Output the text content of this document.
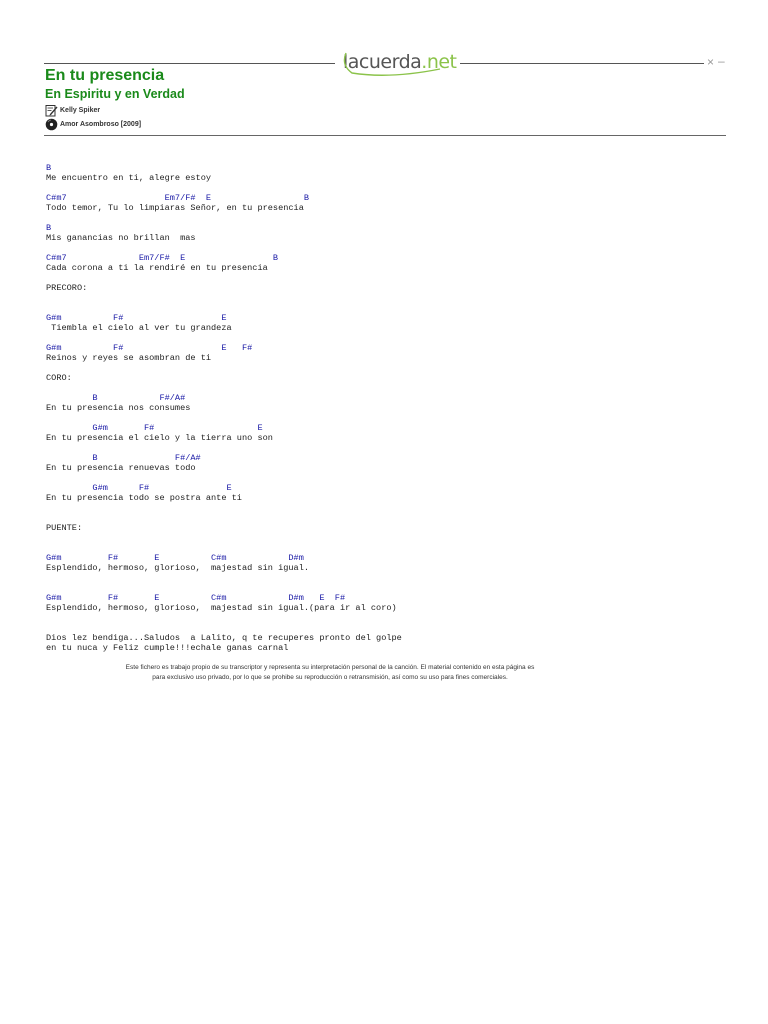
lacuerda .net	× –
En tu presencia
En Espiritu y en Verdad
Kelly Spiker
Amor Asombroso [2009]
B
Me encuentro en ti, alegre estoy
C#m7                   Em7/F#  E                  B
Todo temor, Tu lo limpiaras Señor, en tu presencia
B
Mis ganancias no brillan  mas
C#m7              Em7/F#  E                 B
Cada corona a ti la rendiré en tu presencia
PRECORO:
G#m          F#                   E
Tiembla el cielo al ver tu grandeza
G#m          F#                   E   F#
Reinos y reyes se asombran de ti
CORO:
B            F#/A#
En tu presencia nos consumes
G#m       F#                    E
En tu presencia el cielo y la tierra uno son
B               F#/A#
En tu presencia renuevas todo
G#m      F#               E
En tu presencia todo se postra ante ti
PUENTE:
G#m         F#       E          C#m            D#m
Esplendido, hermoso, glorioso,  majestad sin igual.
G#m         F#       E          C#m            D#m   E  F#
Esplendido, hermoso, glorioso,  majestad sin igual.(para ir al coro)
Dios lez bendiga...Saludos  a Lalito, q te recuperes pronto del golpe
en tu nuca y Feliz cumple!!!echale ganas carnal
Este fichero es trabajo propio de su transcriptor y representa su interpretación personal de la canción. El material contenido en esta página es
para exclusivo uso privado, por lo que se prohibe su reproducción o retransmisión, así como su uso para fines comerciales.
